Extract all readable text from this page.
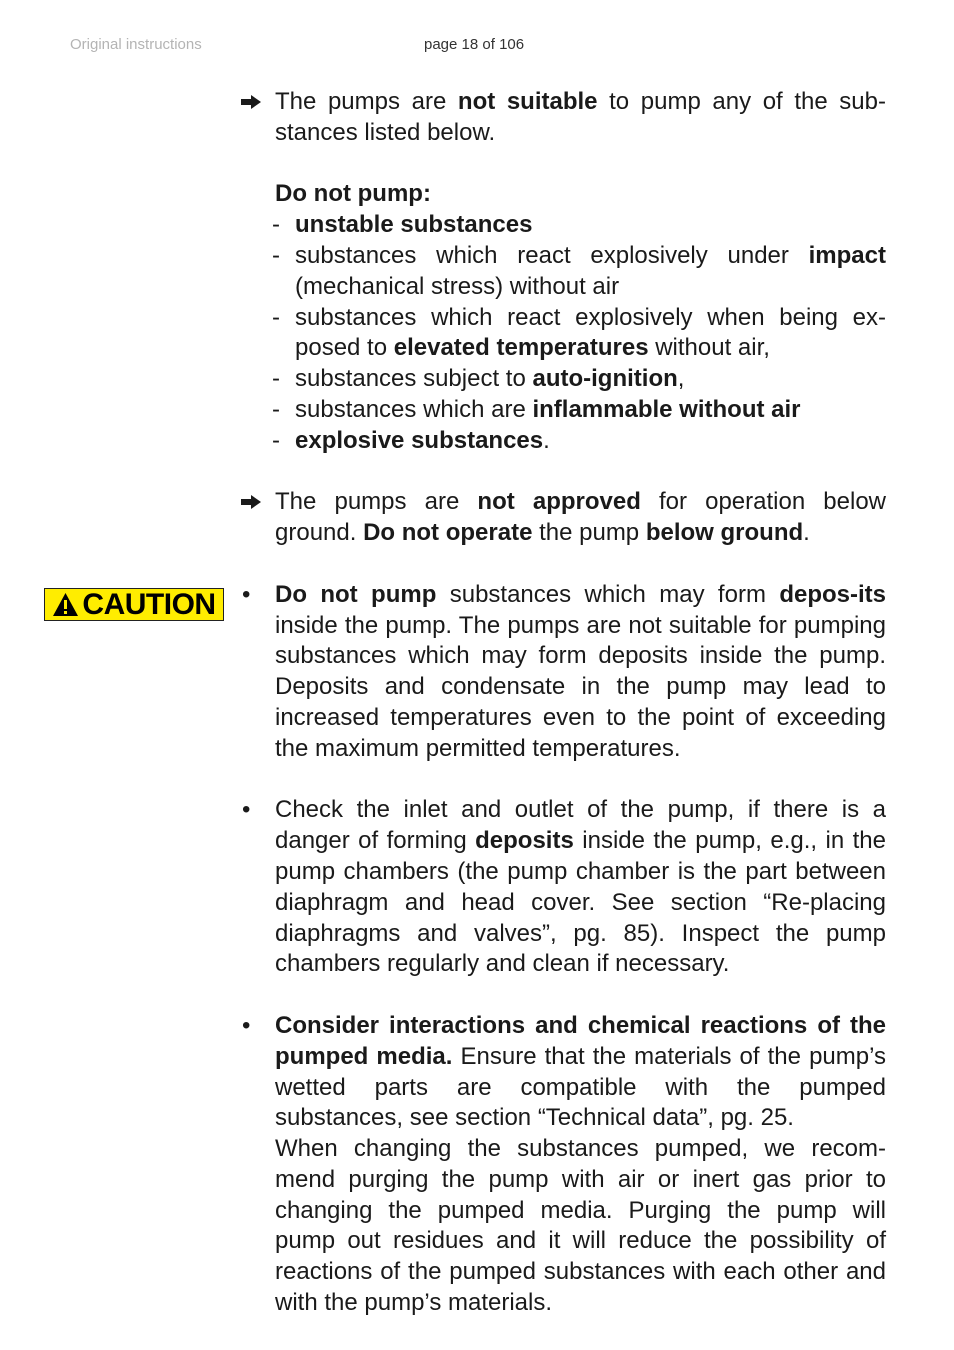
Original instructions	page 18 of 106
CAUTION

The pumps are not suitable to pump any of the sub-stances listed below.

Do not pump:

- unstable substances
- substances which react explosively under impact (mechanical stress) without air
- substances which react explosively when being ex-posed to elevated temperatures without air,
- substances subject to auto-ignition,
- substances which are inflammable without air
- explosive substances.

The pumps are not approved for operation below ground. Do not operate the pump below ground.

• Do not pump substances which may form depos-its inside the pump. The pumps are not suitable for pumping substances which may form deposits inside the pump. Deposits and condensate in the pump may lead to increased temperatures even to the point of exceeding the maximum permitted temperatures.

• Check the inlet and outlet of the pump, if there is a danger of forming deposits inside the pump, e.g., in the pump chambers (the pump chamber is the part between diaphragm and head cover. See section “Re-placing diaphragms and valves”, pg. 85). Inspect the pump chambers regularly and clean if necessary.

• Consider interactions and chemical reactions of the pumped media. Ensure that the materials of the pump’s wetted parts are compatible with the pumped substances, see section “Technical data”, pg. 25.

When changing the substances pumped, we recom-mend purging the pump with air or inert gas prior to changing the pumped media. Purging the pump will pump out residues and it will reduce the possibility of reactions of the pumped substances with each other and with the pump’s materials.
